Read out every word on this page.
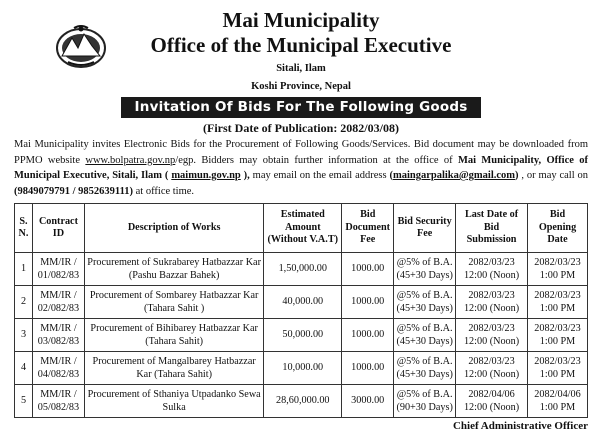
Mai Municipality
Office of the Municipal Executive
Sitali, Ilam
Koshi Province, Nepal
Invitation Of Bids For The Following Goods
(First Date of Publication: 2082/03/08)
Mai Municipality invites Electronic Bids for the Procurement of Following Goods/Services. Bid document may be downloaded from PPMO website www.bolpatra.gov.np/egp. Bidders may obtain further information at the office of Mai Municipality, Office of Municipal Executive, Sitali, Ilam ( maimun.gov.np ), may email on the email address (maingarpalika@gmail.com) , or may call on (9849079791 / 9852639111) at office time.
S. N.	Contract ID	Description of Works	Estimated Amount (Without V.A.T)	Bid Document Fee	Bid Security Fee	Last Date of Bid Submission	Bid Opening Date
1	MM/IR / 01/082/83	Procurement of Sukrabarey Hatbazzar Kar (Pashu Bazzar Bahek)	1,50,000.00	1000.00	@5% of B.A. (45+30 Days)	2082/03/23 12:00 (Noon)	2082/03/23 1:00 PM
2	MM/IR / 02/082/83	Procurement of Sombarey Hatbazzar Kar (Tahara Sahit )	40,000.00	1000.00	@5% of B.A. (45+30 Days)	2082/03/23 12:00 (Noon)	2082/03/23 1:00 PM
3	MM/IR / 03/082/83	Procurement of Bihibarey Hatbazzar Kar (Tahara Sahit)	50,000.00	1000.00	@5% of B.A. (45+30 Days)	2082/03/23 12:00 (Noon)	2082/03/23 1:00 PM
4	MM/IR / 04/082/83	Procurement of Mangalbarey Hatbazzar Kar (Tahara Sahit)	10,000.00	1000.00	@5% of B.A. (45+30 Days)	2082/03/23 12:00 (Noon)	2082/03/23 1:00 PM
5	MM/IR / 05/082/83	Procurement of Sthaniya Utpadanko Sewa Sulka	28,60,000.00	3000.00	@5% of B.A. (90+30 Days)	2082/04/06 12:00 (Noon)	2082/04/06 1:00 PM
Chief Administrative Officer
